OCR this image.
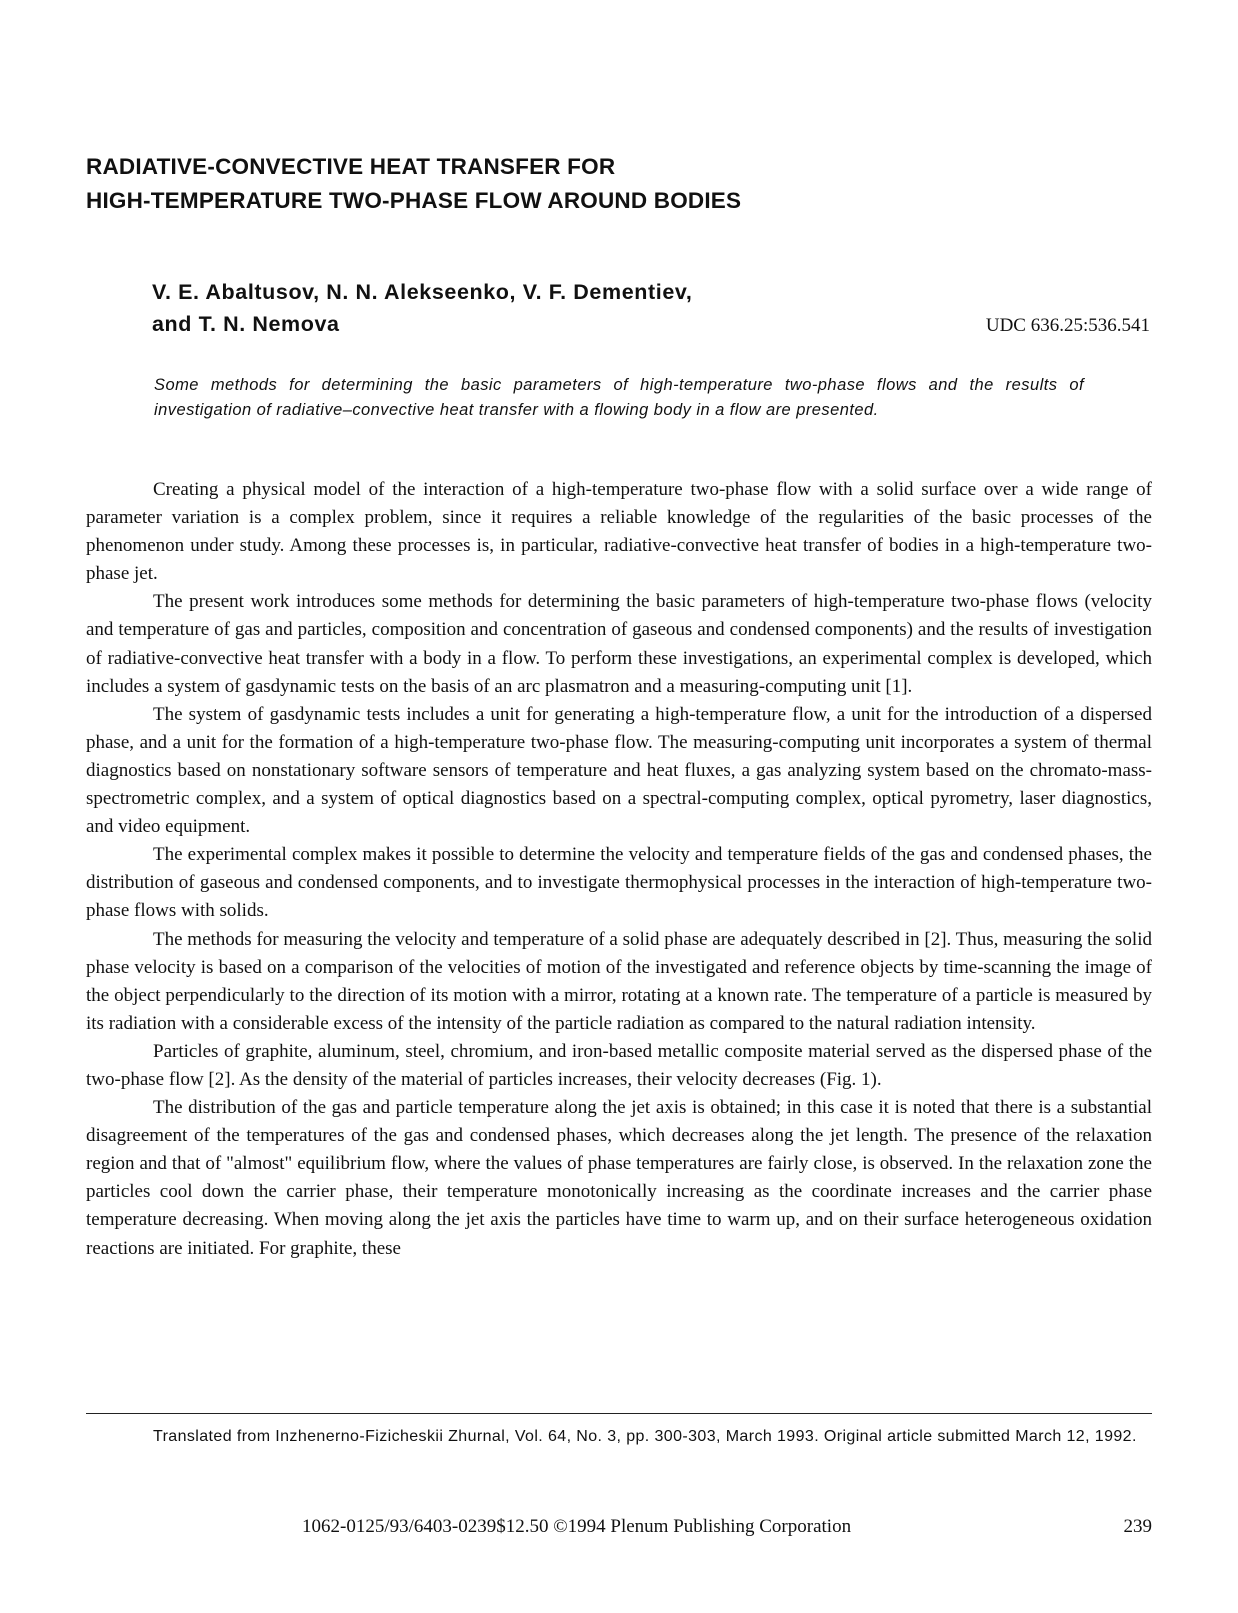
RADIATIVE-CONVECTIVE HEAT TRANSFER FOR
HIGH-TEMPERATURE TWO-PHASE FLOW AROUND BODIES
V. E. Abaltusov, N. N. Alekseenko, V. F. Dementiev,
and T. N. Nemova	UDC 636.25:536.541

Some methods for determining the basic parameters of high-temperature two-phase flows and the results of investigation of radiative–convective heat transfer with a flowing body in a flow are presented.

Creating a physical model of the interaction of a high-temperature two-phase flow with a solid surface over a wide range of parameter variation is a complex problem, since it requires a reliable knowledge of the regularities of the basic processes of the phenomenon under study. Among these processes is, in particular, radiative-convective heat transfer of bodies in a high-temperature two-phase jet.

The present work introduces some methods for determining the basic parameters of high-temperature two-phase flows (velocity and temperature of gas and particles, composition and concentration of gaseous and condensed components) and the results of investigation of radiative-convective heat transfer with a body in a flow. To perform these investigations, an experimental complex is developed, which includes a system of gasdynamic tests on the basis of an arc plasmatron and a measuring-computing unit [1].

The system of gasdynamic tests includes a unit for generating a high-temperature flow, a unit for the introduction of a dispersed phase, and a unit for the formation of a high-temperature two-phase flow. The measuring-computing unit incorporates a system of thermal diagnostics based on nonstationary software sensors of temperature and heat fluxes, a gas analyzing system based on the chromato-mass-spectrometric complex, and a system of optical diagnostics based on a spectral-computing complex, optical pyrometry, laser diagnostics, and video equipment.

The experimental complex makes it possible to determine the velocity and temperature fields of the gas and condensed phases, the distribution of gaseous and condensed components, and to investigate thermophysical processes in the interaction of high-temperature two-phase flows with solids.

The methods for measuring the velocity and temperature of a solid phase are adequately described in [2]. Thus, measuring the solid phase velocity is based on a comparison of the velocities of motion of the investigated and reference objects by time-scanning the image of the object perpendicularly to the direction of its motion with a mirror, rotating at a known rate. The temperature of a particle is measured by its radiation with a considerable excess of the intensity of the particle radiation as compared to the natural radiation intensity.

Particles of graphite, aluminum, steel, chromium, and iron-based metallic composite material served as the dispersed phase of the two-phase flow [2]. As the density of the material of particles increases, their velocity decreases (Fig. 1).

The distribution of the gas and particle temperature along the jet axis is obtained; in this case it is noted that there is a substantial disagreement of the temperatures of the gas and condensed phases, which decreases along the jet length. The presence of the relaxation region and that of "almost" equilibrium flow, where the values of phase temperatures are fairly close, is observed. In the relaxation zone the particles cool down the carrier phase, their temperature monotonically increasing as the coordinate increases and the carrier phase temperature decreasing. When moving along the jet axis the particles have time to warm up, and on their surface heterogeneous oxidation reactions are initiated. For graphite, these

Translated from Inzhenerno-Fizicheskii Zhurnal, Vol. 64, No. 3, pp. 300-303, March 1993. Original article submitted March 12, 1992.

1062-0125/93/6403-0239$12.50 ©1994 Plenum Publishing Corporation	239
